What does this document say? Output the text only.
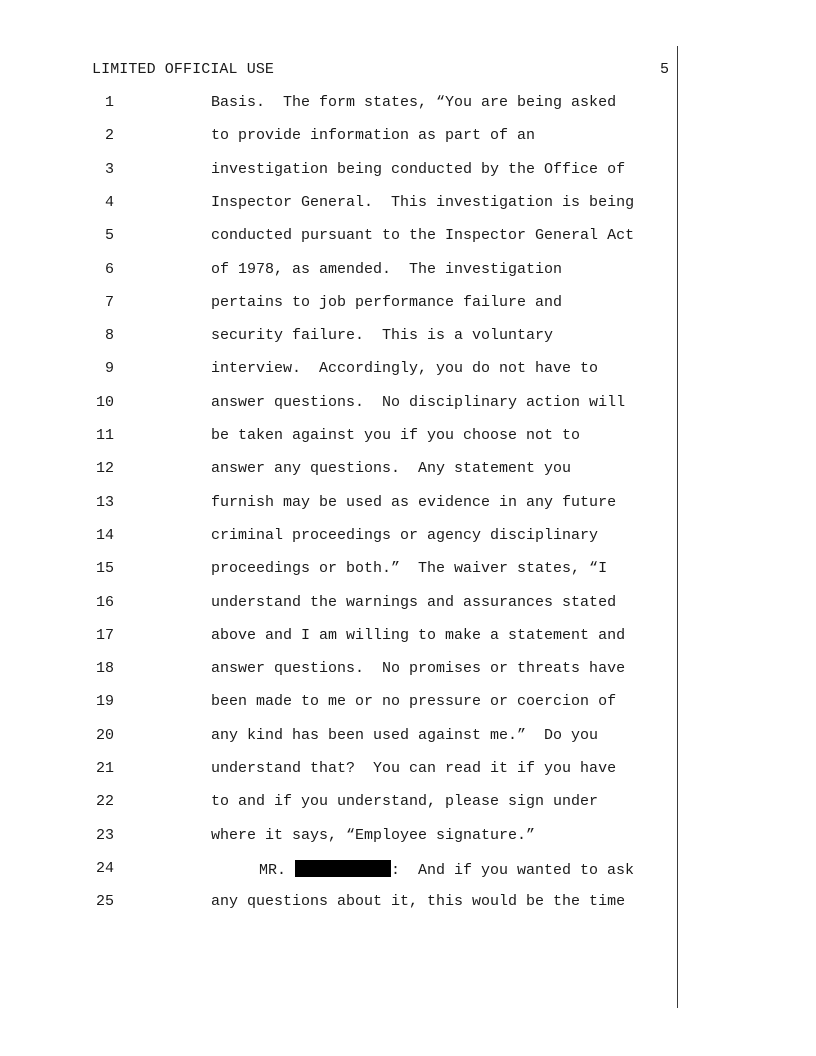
LIMITED OFFICIAL USE	5
1	Basis.  The form states, “You are being asked
2	to provide information as part of an
3	investigation being conducted by the Office of
4	Inspector General.  This investigation is being
5	conducted pursuant to the Inspector General Act
6	of 1978, as amended.  The investigation
7	pertains to job performance failure and
8	security failure.  This is a voluntary
9	interview.  Accordingly, you do not have to
10	answer questions.  No disciplinary action will
11	be taken against you if you choose not to
12	answer any questions.  Any statement you
13	furnish may be used as evidence in any future
14	criminal proceedings or agency disciplinary
15	proceedings or both.”  The waiver states, “I
16	understand the warnings and assurances stated
17	above and I am willing to make a statement and
18	answer questions.  No promises or threats have
19	been made to me or no pressure or coercion of
20	any kind has been used against me.”  Do you
21	understand that?  You can read it if you have
22	to and if you understand, please sign under
23	where it says, “Employee signature.”
24	MR.	:  And if you wanted to ask
25	any questions about it, this would be the time
